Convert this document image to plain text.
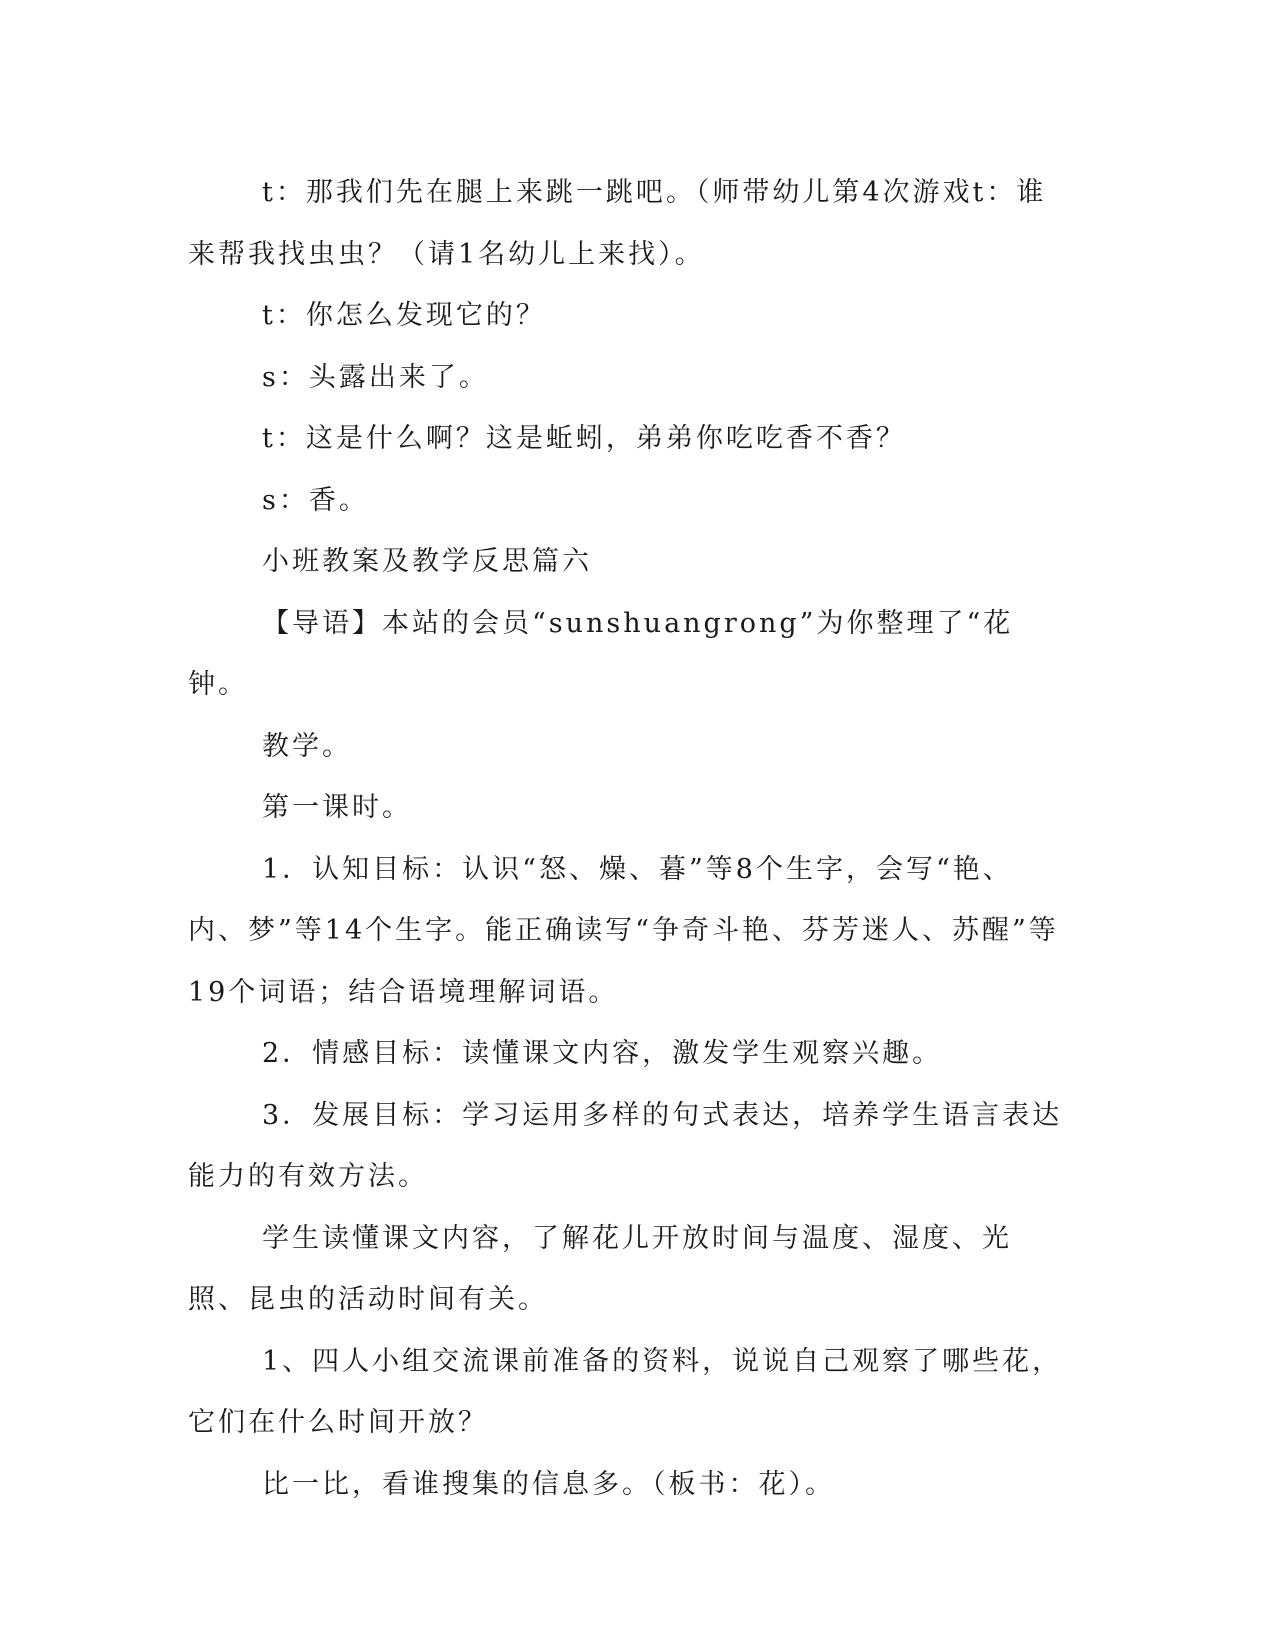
t：那我们先在腿上来跳一跳吧。（师带幼儿第4次游戏t：谁来帮我找虫虫？（请1名幼儿上来找）。

t：你怎么发现它的？

s：头露出来了。

t：这是什么啊？这是蚯蚓，弟弟你吃吃香不香？

s：香。

小班教案及教学反思篇六

【导语】本站的会员“sunshuangrong”为你整理了“花钟。

教学。

第一课时。

1．认知目标：认识“怒、燥、暮”等8个生字，会写“艳、内、梦”等14个生字。能正确读写“争奇斗艳、芬芳迷人、苏醒”等19个词语；结合语境理解词语。

2．情感目标：读懂课文内容，激发学生观察兴趣。

3．发展目标：学习运用多样的句式表达，培养学生语言表达能力的有效方法。

学生读懂课文内容，了解花儿开放时间与温度、湿度、光照、昆虫的活动时间有关。

1、四人小组交流课前准备的资料，说说自己观察了哪些花，它们在什么时间开放？

比一比，看谁搜集的信息多。（板书：花）。
